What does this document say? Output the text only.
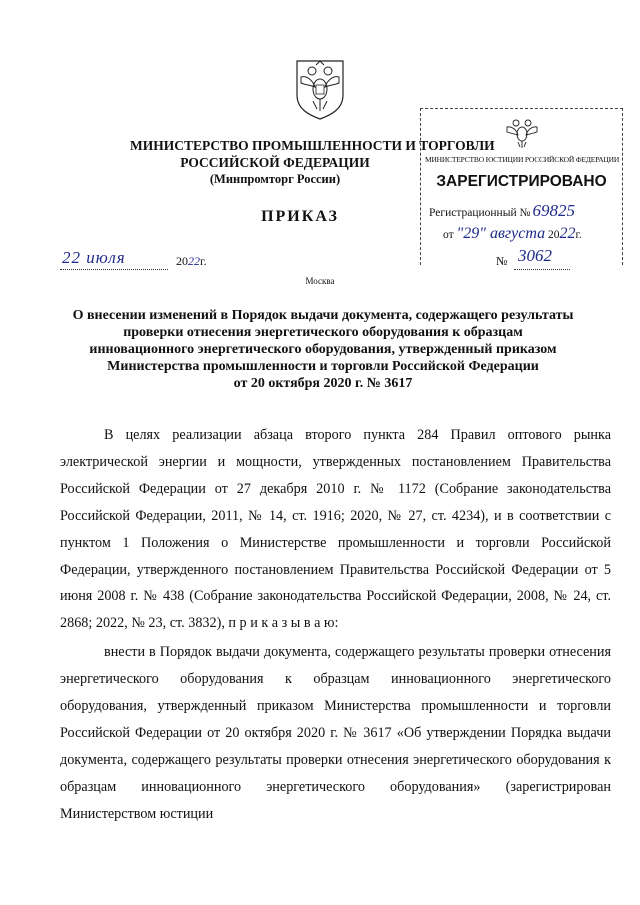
МИНИСТЕРСТВО ПРОМЫШЛЕННОСТИ И ТОРГОВЛИ
РОССИЙСКОЙ ФЕДЕРАЦИИ
(Минпромторг России)
ПРИКАЗ
22 июля	2022г.	№ 3062
Москва
МИНИСТЕРСТВО ЮСТИЦИИ РОССИЙСКОЙ ФЕДЕРАЦИИ
ЗАРЕГИСТРИРОВАНО
Регистрационный № 69825
от "29" августа 2022г.
О внесении изменений в Порядок выдачи документа, содержащего результаты
проверки отнесения энергетического оборудования к образцам
инновационного энергетического оборудования, утвержденный приказом
Министерства промышленности и торговли Российской Федерации
от 20 октября 2020 г. № 3617

В целях реализации абзаца второго пункта 284 Правил оптового рынка электрической энергии и мощности, утвержденных постановлением Правительства Российской Федерации от 27 декабря 2010 г. № 1172 (Собрание законодательства Российской Федерации, 2011, № 14, ст. 1916; 2020, № 27, ст. 4234), и в соответствии с пунктом 1 Положения о Министерстве промышленности и торговли Российской Федерации, утвержденного постановлением Правительства Российской Федерации от 5 июня 2008 г. № 438 (Собрание законодательства Российской Федерации, 2008, № 24, ст. 2868; 2022, № 23, ст. 3832), п р и к а з ы в а ю:

внести в Порядок выдачи документа, содержащего результаты проверки отнесения энергетического оборудования к образцам инновационного энергетического оборудования, утвержденный приказом Министерства промышленности и торговли Российской Федерации от 20 октября 2020 г. № 3617 «Об утверждении Порядка выдачи документа, содержащего результаты проверки отнесения энергетического оборудования к образцам инновационного энергетического оборудования» (зарегистрирован Министерством юстиции
